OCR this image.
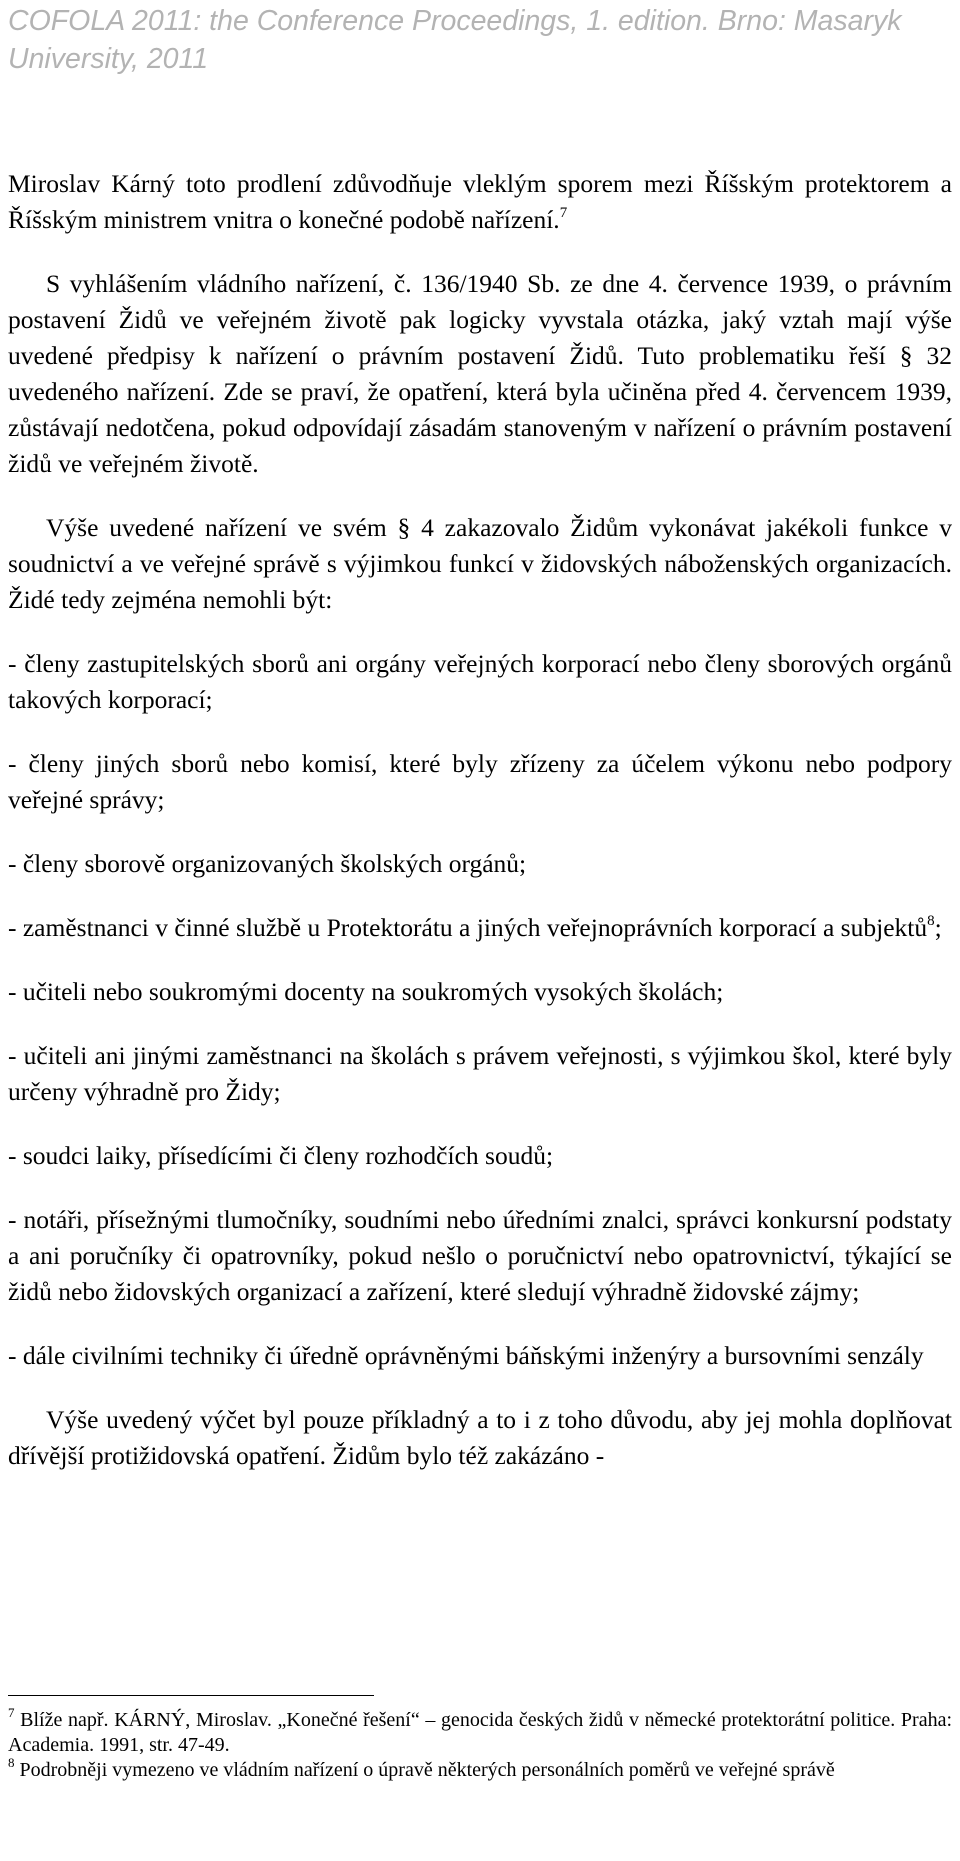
COFOLA 2011: the Conference Proceedings, 1. edition. Brno: Masaryk
University, 2011

Miroslav Kárný toto prodlení zdůvodňuje vleklým sporem mezi Říšským protektorem a Říšským ministrem vnitra o konečné podobě nařízení.$^7$

S vyhlášením vládního nařízení, č. 136/1940 Sb. ze dne 4. července 1939, o právním postavení Židů ve veřejném životě pak logicky vyvstala otázka, jaký vztah mají výše uvedené předpisy k nařízení o právním postavení Židů. Tuto problematiku řeší § 32 uvedeného nařízení. Zde se praví, že opatření, která byla učiněna před 4. červencem 1939, zůstávají nedotčena, pokud odpovídají zásadám stanoveným v nařízení o právním postavení židů ve veřejném životě.

Výše uvedené nařízení ve svém § 4 zakazovalo Židům vykonávat jakékoli funkce v soudnictví a ve veřejné správě s výjimkou funkcí v židovských náboženských organizacích. Židé tedy zejména nemohli být:

- členy zastupitelských sborů ani orgány veřejných korporací nebo členy sborových orgánů takových korporací;

- členy jiných sborů nebo komisí, které byly zřízeny za účelem výkonu nebo podpory veřejné správy;

- členy sborově organizovaných školských orgánů;

- zaměstnanci v činné službě u Protektorátu a jiných veřejnoprávních korporací a subjektů$^8$;

- učiteli nebo soukromými docenty na soukromých vysokých školách;

- učiteli ani jinými zaměstnanci na školách s právem veřejnosti, s výjimkou škol, které byly určeny výhradně pro Židy;

- soudci laiky, přísedícími či členy rozhodčích soudů;

- notáři, přísežnými tlumočníky, soudními nebo úředními znalci, správci konkursní podstaty a ani poručníky či opatrovníky, pokud nešlo o poručnictví nebo opatrovnictví, týkající se židů nebo židovských organizací a zařízení, které sledují výhradně židovské zájmy;

- dále civilními techniky či úředně oprávněnými báňskými inženýry a bursovními senzály

Výše uvedený výčet byl pouze příkladný a to i z toho důvodu, aby jej mohla doplňovat dřívější protižidovská opatření. Židům bylo též zakázáno -

$^7$ Blíže např. KÁRNÝ, Miroslav. „Konečné řešení“ – genocida českých židů v německé protektorátní politice. Praha: Academia. 1991, str. 47-49.
$^8$ Podrobněji vymezeno ve vládním nařízení o úpravě některých personálních poměrů ve veřejné správě
